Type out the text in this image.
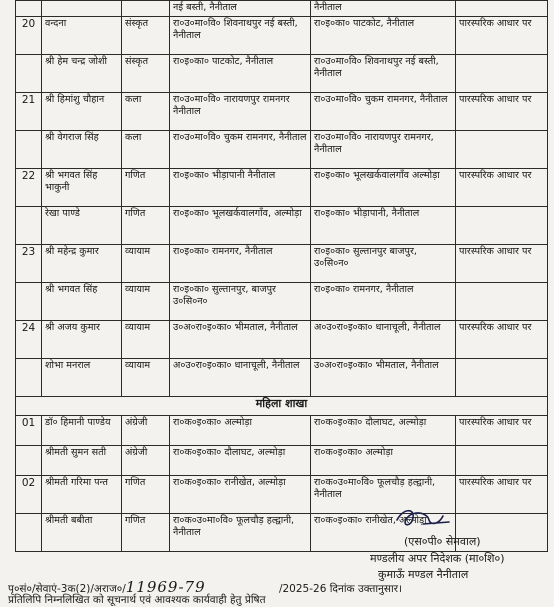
			नई बस्ती, नैनीताल	नैनीताल	
20	वन्दना	संस्कृत	रा०उ०मा०वि० शिवनाथपुर नई बस्ती, नैनीताल	रा०इ०का० पाटकोट, नैनीताल	पारस्परिक आधार पर
	श्री हेम चन्द्र जोशी	संस्कृत	रा०इ०का० पाटकोट, नैनीताल	रा०उ०मा०वि० शिवनाथपुर नई बस्ती, नैनीताल	
21	श्री हिमांशु चौहान	कला	रा०उ०मा०वि० नारायणपुर रामनगर नैनीताल	रा०उ०मा०वि० चुकम रामनगर, नैनीताल	पारस्परिक आधार पर
	श्री वेगराज सिंह	कला	रा०उ०मा०वि० चुकम रामनगर, नैनीताल	रा०उ०मा०वि० नारायणपुर रामनगर, नैनीताल	
22	श्री भगवत सिंह भाकुनी	गणित	रा०इ०का० भीड़ापानी नैनीताल	रा०इ०का० भूलखर्कवालगाँव अल्मोड़ा	पारस्परिक आधार पर
	रेखा पाण्डे	गणित	रा०इ०का० भूलखर्कवालगाँव, अल्मोड़ा	रा०इ०का० भीड़ापानी, नैनीताल	
23	श्री महेन्द्र कुमार	व्यायाम	रा०इ०का० रामनगर, नैनीताल	रा०इ०का० सुल्तानपुर बाजपुर, उ०सि०न०	पारस्परिक आधार पर
	श्री भगवत सिंह	व्यायाम	रा०इ०का० सुल्तानपुर, बाजपुर उ०सि०न०	रा०इ०का० रामनगर, नैनीताल	
24	श्री अजय कुमार	व्यायाम	उ०अ०रा०इ०का० भीमताल, नैनीताल	अ०उ०रा०इ०का० धानाचूली, नैनीताल	पारस्परिक आधार पर
	शोभा मनराल	व्यायाम	अ०उ०रा०इ०का० धानाचूली, नैनीताल	उ०अ०रा०इ०का० भीमताल, नैनीताल	
महिला शाखा					
01	डॉ० हिमानी पाण्डेय	अंग्रेजी	रा०क०इ०का० अल्मोड़ा	रा०क०इ०का० दौलाघट, अल्मोड़ा	पारस्परिक आधार पर
	श्रीमती सुमन सती	अंग्रेजी	रा०क०इ०का० दौलाघट, अल्मोड़ा	रा०क०इ०का० अल्मोड़ा	
02	श्रीमती गरिमा पन्त	गणित	रा०क०इ०का० रानीखेत, अल्मोड़ा	रा०क०उ०मा०वि० फूलचौड़ हल्द्वानी, नैनीताल	पारस्परिक आधार पर
	श्रीमती बबीता	गणित	रा०क०उ०मा०वि० फूलचौड़ हल्द्वानी, नैनीताल	रा०क०इ०का० रानीखेत, अल्मोड़ा	
(एस०पी० सेमवाल)
मण्डलीय अपर निदेशक (मा०शि०)
कुमाऊँ मण्डल नैनीताल
पृ०सं०/सेवाएं-3क(2)/अराज०/11969-79	/2025-26 दिनांक उक्तानुसार।
प्रतिलिपि निम्नलिखित को सूचनार्थ एवं आवश्यक कार्यवाही हेतु प्रेषित
